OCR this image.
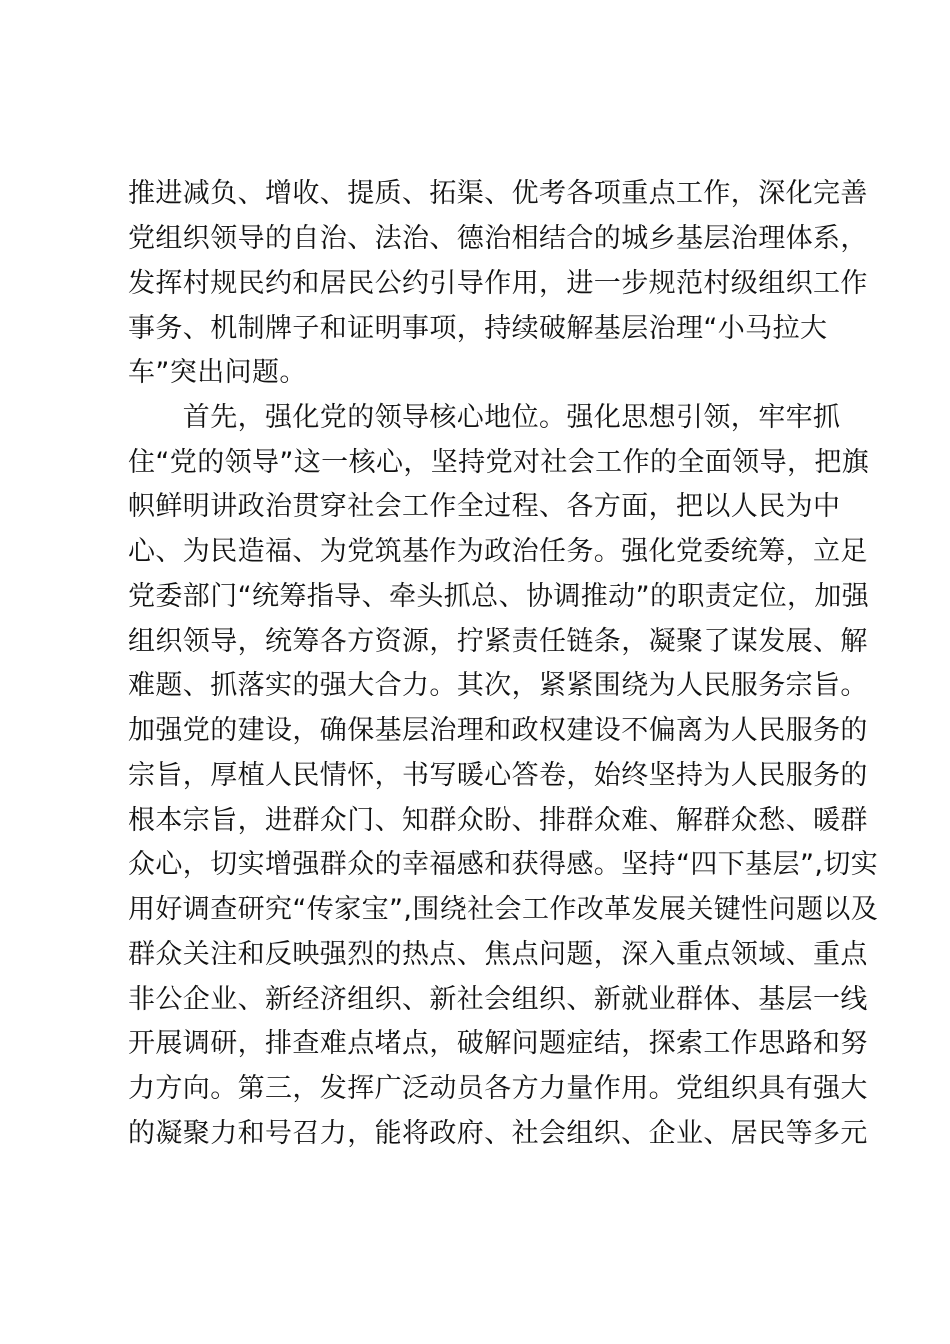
推进减负、增收、提质、拓渠、优考各项重点工作，深化完善
党组织领导的自治、法治、德治相结合的城乡基层治理体系，
发挥村规民约和居民公约引导作用，进一步规范村级组织工作
事务、机制牌子和证明事项，持续破解基层治理“小马拉大
车”突出问题。
　　首先，强化党的领导核心地位。强化思想引领，牢牢抓
住“党的领导”这一核心，坚持党对社会工作的全面领导，把旗
帜鲜明讲政治贯穿社会工作全过程、各方面，把以人民为中
心、为民造福、为党筑基作为政治任务。强化党委统筹，立足
党委部门“统筹指导、牵头抓总、协调推动”的职责定位，加强
组织领导，统筹各方资源，拧紧责任链条，凝聚了谋发展、解
难题、抓落实的强大合力。其次，紧紧围绕为人民服务宗旨。
加强党的建设，确保基层治理和政权建设不偏离为人民服务的
宗旨，厚植人民情怀，书写暖心答卷，始终坚持为人民服务的
根本宗旨，进群众门、知群众盼、排群众难、解群众愁、暖群
众心，切实增强群众的幸福感和获得感。坚持“四下基层”,切实
用好调查研究“传家宝”,围绕社会工作改革发展关键性问题以及
群众关注和反映强烈的热点、焦点问题，深入重点领域、重点
非公企业、新经济组织、新社会组织、新就业群体、基层一线
开展调研，排查难点堵点，破解问题症结，探索工作思路和努
力方向。第三，发挥广泛动员各方力量作用。党组织具有强大
的凝聚力和号召力，能将政府、社会组织、企业、居民等多元
